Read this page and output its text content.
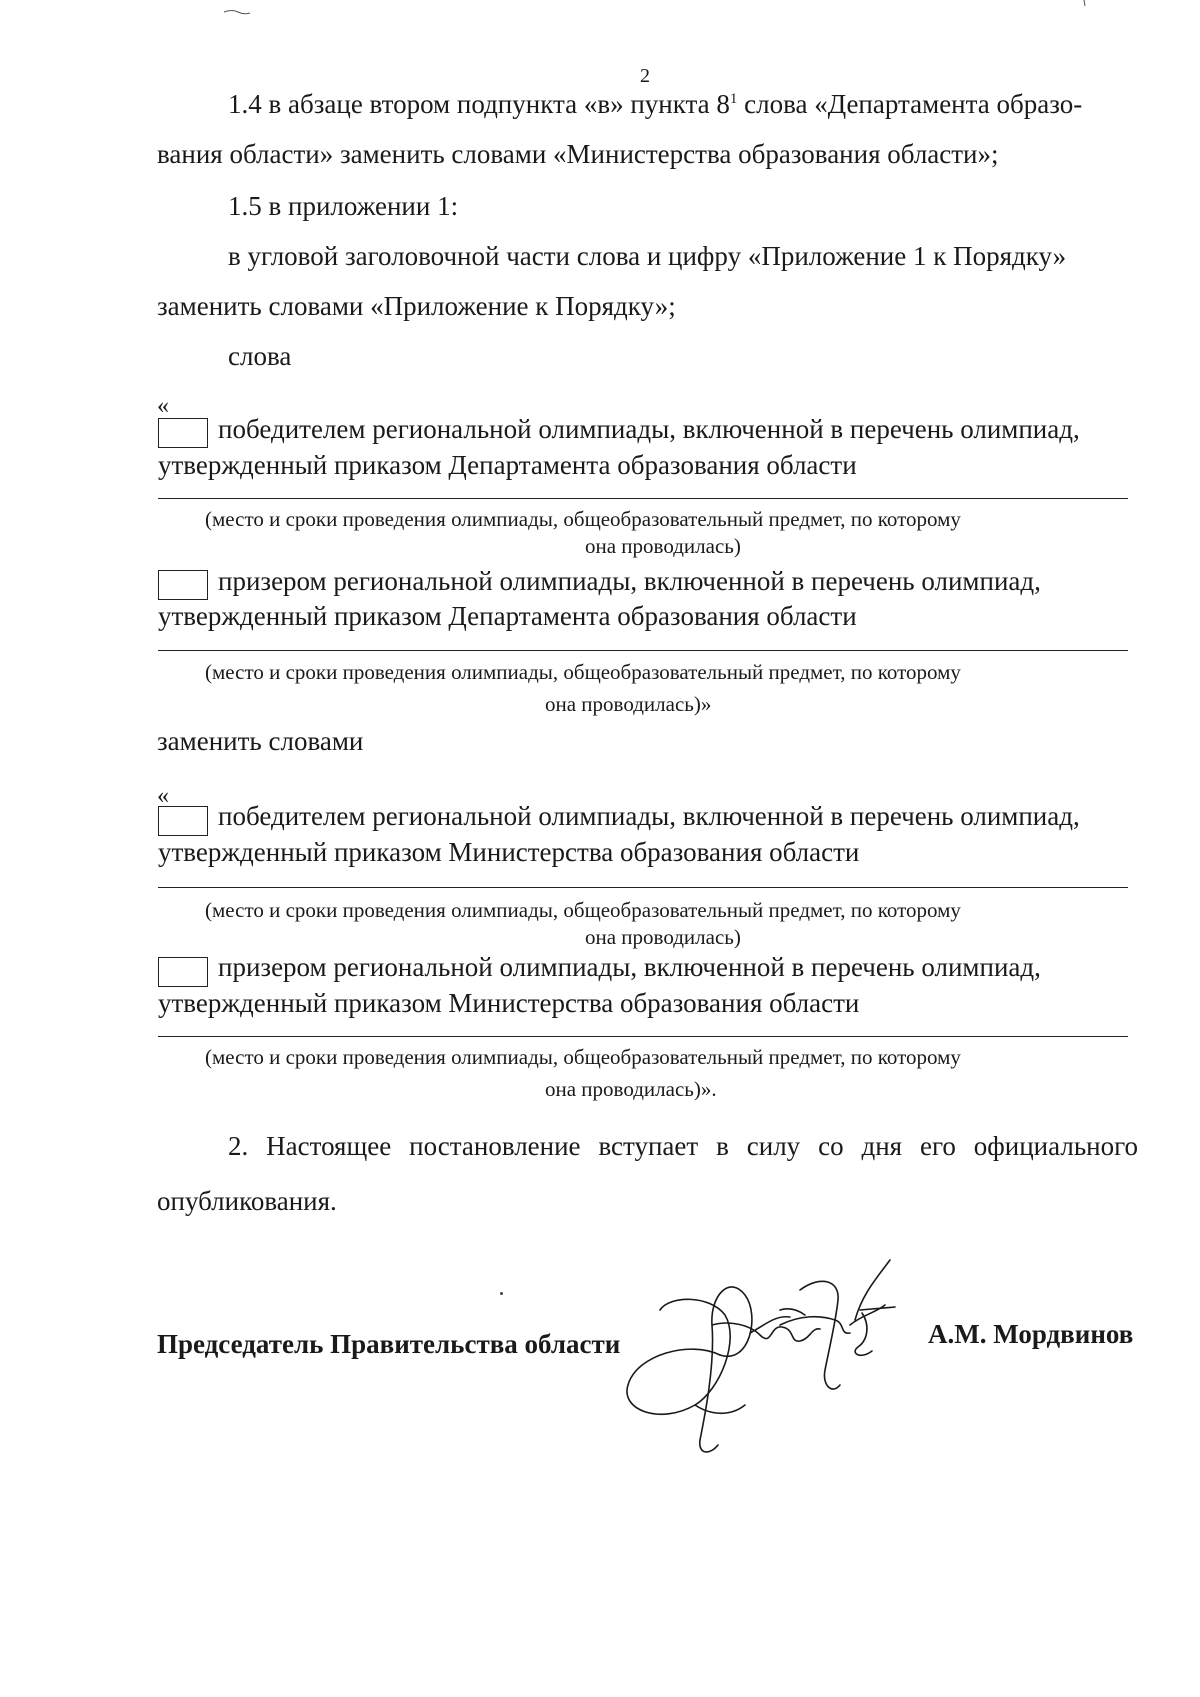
2
1.4 в абзаце втором подпункта «в» пункта $8^1$ слова «Департамента образо-
вания области» заменить словами «Министерства образования области»;
1.5 в приложении 1:
в угловой заголовочной части слова и цифру «Приложение 1 к Порядку»
заменить словами «Приложение к Порядку»;
слова
«
победителем региональной олимпиады, включенной в перечень олимпиад,
утвержденный приказом Департамента образования области
(место и сроки проведения олимпиады, общеобразовательный предмет, по которому
она проводилась)
призером региональной олимпиады, включенной в перечень олимпиад,
утвержденный приказом Департамента образования области
(место и сроки проведения олимпиады, общеобразовательный предмет, по которому
она проводилась)»
заменить словами
«
победителем региональной олимпиады, включенной в перечень олимпиад,
утвержденный приказом Министерства образования области
(место и сроки проведения олимпиады, общеобразовательный предмет, по которому
она проводилась)
призером региональной олимпиады, включенной в перечень олимпиад,
утвержденный приказом Министерства образования области
(место и сроки проведения олимпиады, общеобразовательный предмет, по которому
она проводилась)».
2. Настоящее постановление вступает в силу со дня его официального
опубликования.
Председатель Правительства области	А.М. Мордвинов
